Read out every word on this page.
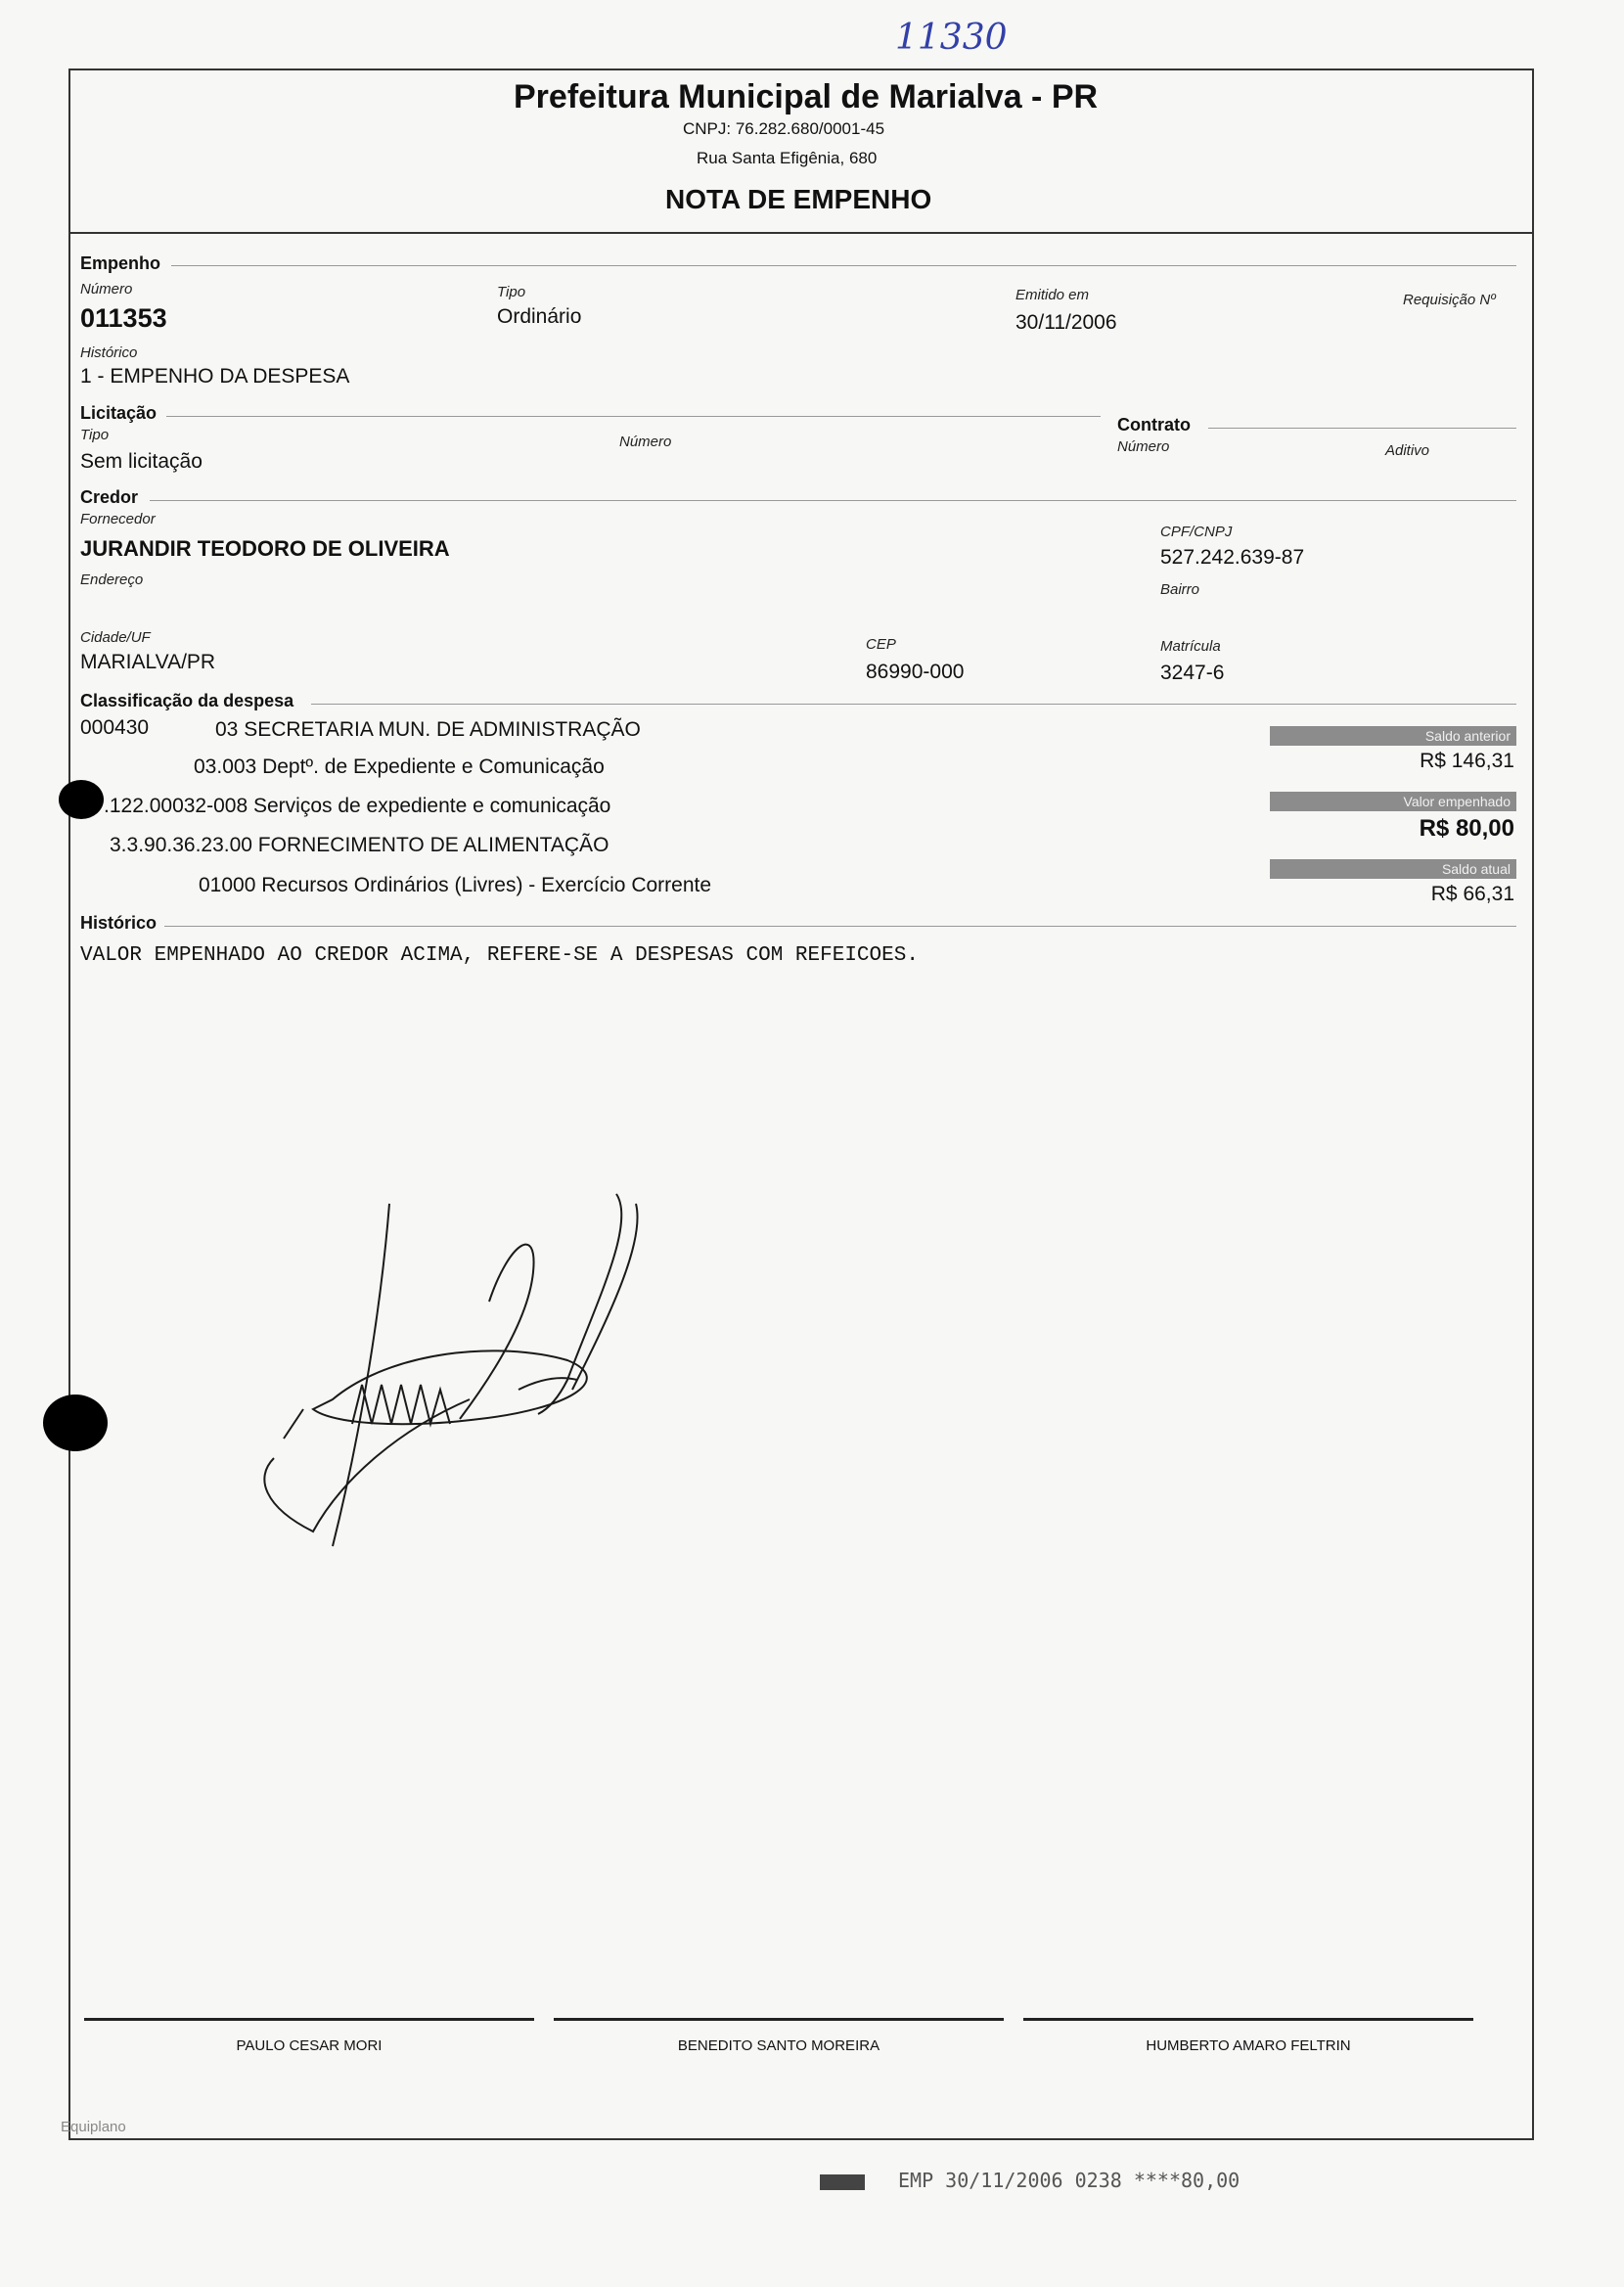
11330
Prefeitura Municipal de Marialva - PR
CNPJ: 76.282.680/0001-45
Rua Santa Efigênia, 680
NOTA DE EMPENHO
Empenho
Número
011353
Tipo
Ordinário
Emitido em
30/11/2006
Requisição Nº
Histórico
1 - EMPENHO DA DESPESA
Licitação
Tipo
Sem licitação
Número
Contrato
Número	Aditivo
Credor
Fornecedor
JURANDIR TEODORO DE OLIVEIRA
CPF/CNPJ
527.242.639-87
Endereço
Bairro
Cidade/UF
MARIALVA/PR
CEP
86990-000
Matrícula
3247-6
Classificação da despesa
000430	03 SECRETARIA MUN. DE ADMINISTRAÇÃO
03.003 Deptº. de Expediente e Comunicação
.122.00032-008 Serviços de expediente e comunicação
3.3.90.36.23.00 FORNECIMENTO DE ALIMENTAÇÃO
01000 Recursos Ordinários (Livres) - Exercício Corrente
Saldo anterior
R$ 146,31
Valor empenhado
R$ 80,00
Saldo atual
R$ 66,31
Histórico
VALOR EMPENHADO AO CREDOR ACIMA, REFERE-SE A DESPESAS COM REFEICOES.
PAULO CESAR MORI	BENEDITO SANTO MOREIRA	HUMBERTO AMARO FELTRIN
Equiplano
EMP 30/11/2006 0238 ****80,00
